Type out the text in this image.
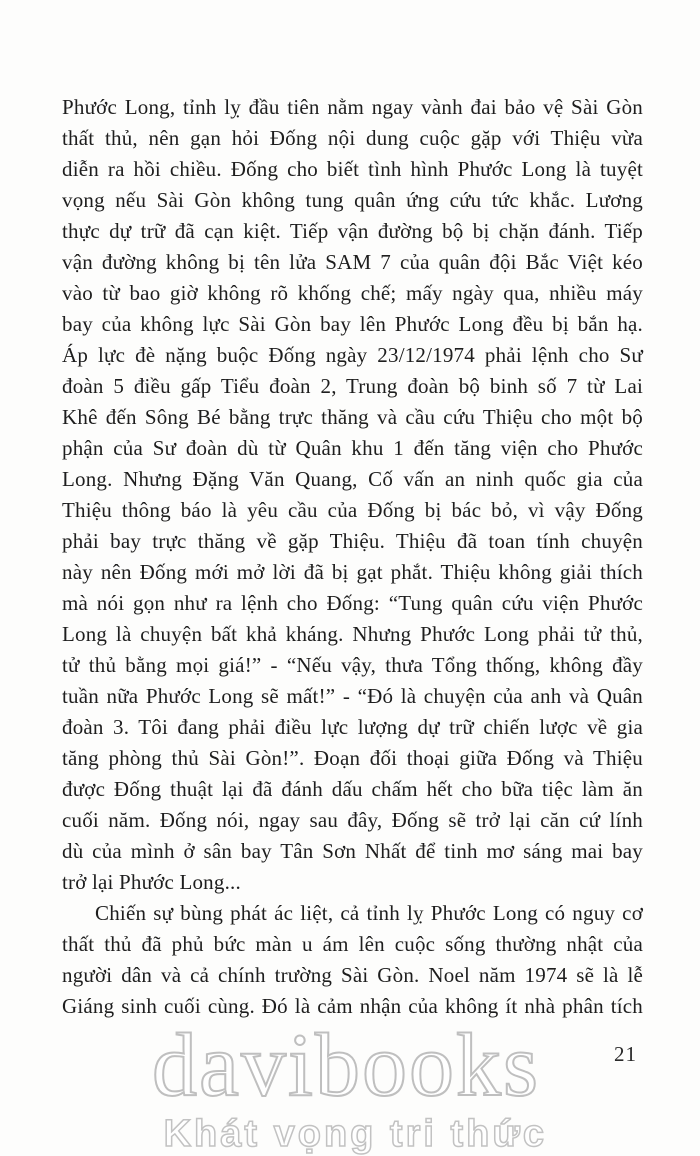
Phước Long, tỉnh lỵ đầu tiên nằm ngay vành đai bảo vệ Sài Gòn
thất thủ, nên gạn hỏi Đống nội dung cuộc gặp với Thiệu vừa
diễn ra hồi chiều. Đống cho biết tình hình Phước Long là tuyệt
vọng nếu Sài Gòn không tung quân ứng cứu tức khắc. Lương
thực dự trữ đã cạn kiệt. Tiếp vận đường bộ bị chặn đánh. Tiếp
vận đường không bị tên lửa SAM 7 của quân đội Bắc Việt kéo
vào từ bao giờ không rõ khống chế; mấy ngày qua, nhiều máy
bay của không lực Sài Gòn bay lên Phước Long đều bị bắn hạ.
Áp lực đè nặng buộc Đống ngày 23/12/1974 phải lệnh cho Sư
đoàn 5 điều gấp Tiểu đoàn 2, Trung đoàn bộ binh số 7 từ Lai
Khê đến Sông Bé bằng trực thăng và cầu cứu Thiệu cho một bộ
phận của Sư đoàn dù từ Quân khu 1 đến tăng viện cho Phước
Long. Nhưng Đặng Văn Quang, Cố vấn an ninh quốc gia của
Thiệu thông báo là yêu cầu của Đống bị bác bỏ, vì vậy Đống
phải bay trực thăng về gặp Thiệu. Thiệu đã toan tính chuyện
này nên Đống mới mở lời đã bị gạt phắt. Thiệu không giải thích
mà nói gọn như ra lệnh cho Đống: “Tung quân cứu viện Phước
Long là chuyện bất khả kháng. Nhưng Phước Long phải tử thủ,
tử thủ bằng mọi giá!” - “Nếu vậy, thưa Tổng thống, không đầy
tuần nữa Phước Long sẽ mất!” - “Đó là chuyện của anh và Quân
đoàn 3. Tôi đang phải điều lực lượng dự trữ chiến lược về gia
tăng phòng thủ Sài Gòn!”. Đoạn đối thoại giữa Đống và Thiệu
được Đống thuật lại đã đánh dấu chấm hết cho bữa tiệc làm ăn
cuối năm. Đống nói, ngay sau đây, Đống sẽ trở lại căn cứ lính
dù của mình ở sân bay Tân Sơn Nhất để tinh mơ sáng mai bay
trở lại Phước Long...
Chiến sự bùng phát ác liệt, cả tỉnh lỵ Phước Long có nguy cơ
thất thủ đã phủ bức màn u ám lên cuộc sống thường nhật của
người dân và cả chính trường Sài Gòn. Noel năm 1974 sẽ là lễ
Giáng sinh cuối cùng. Đó là cảm nhận của không ít nhà phân tích
davibooks
Khát vọng tri thức
21
